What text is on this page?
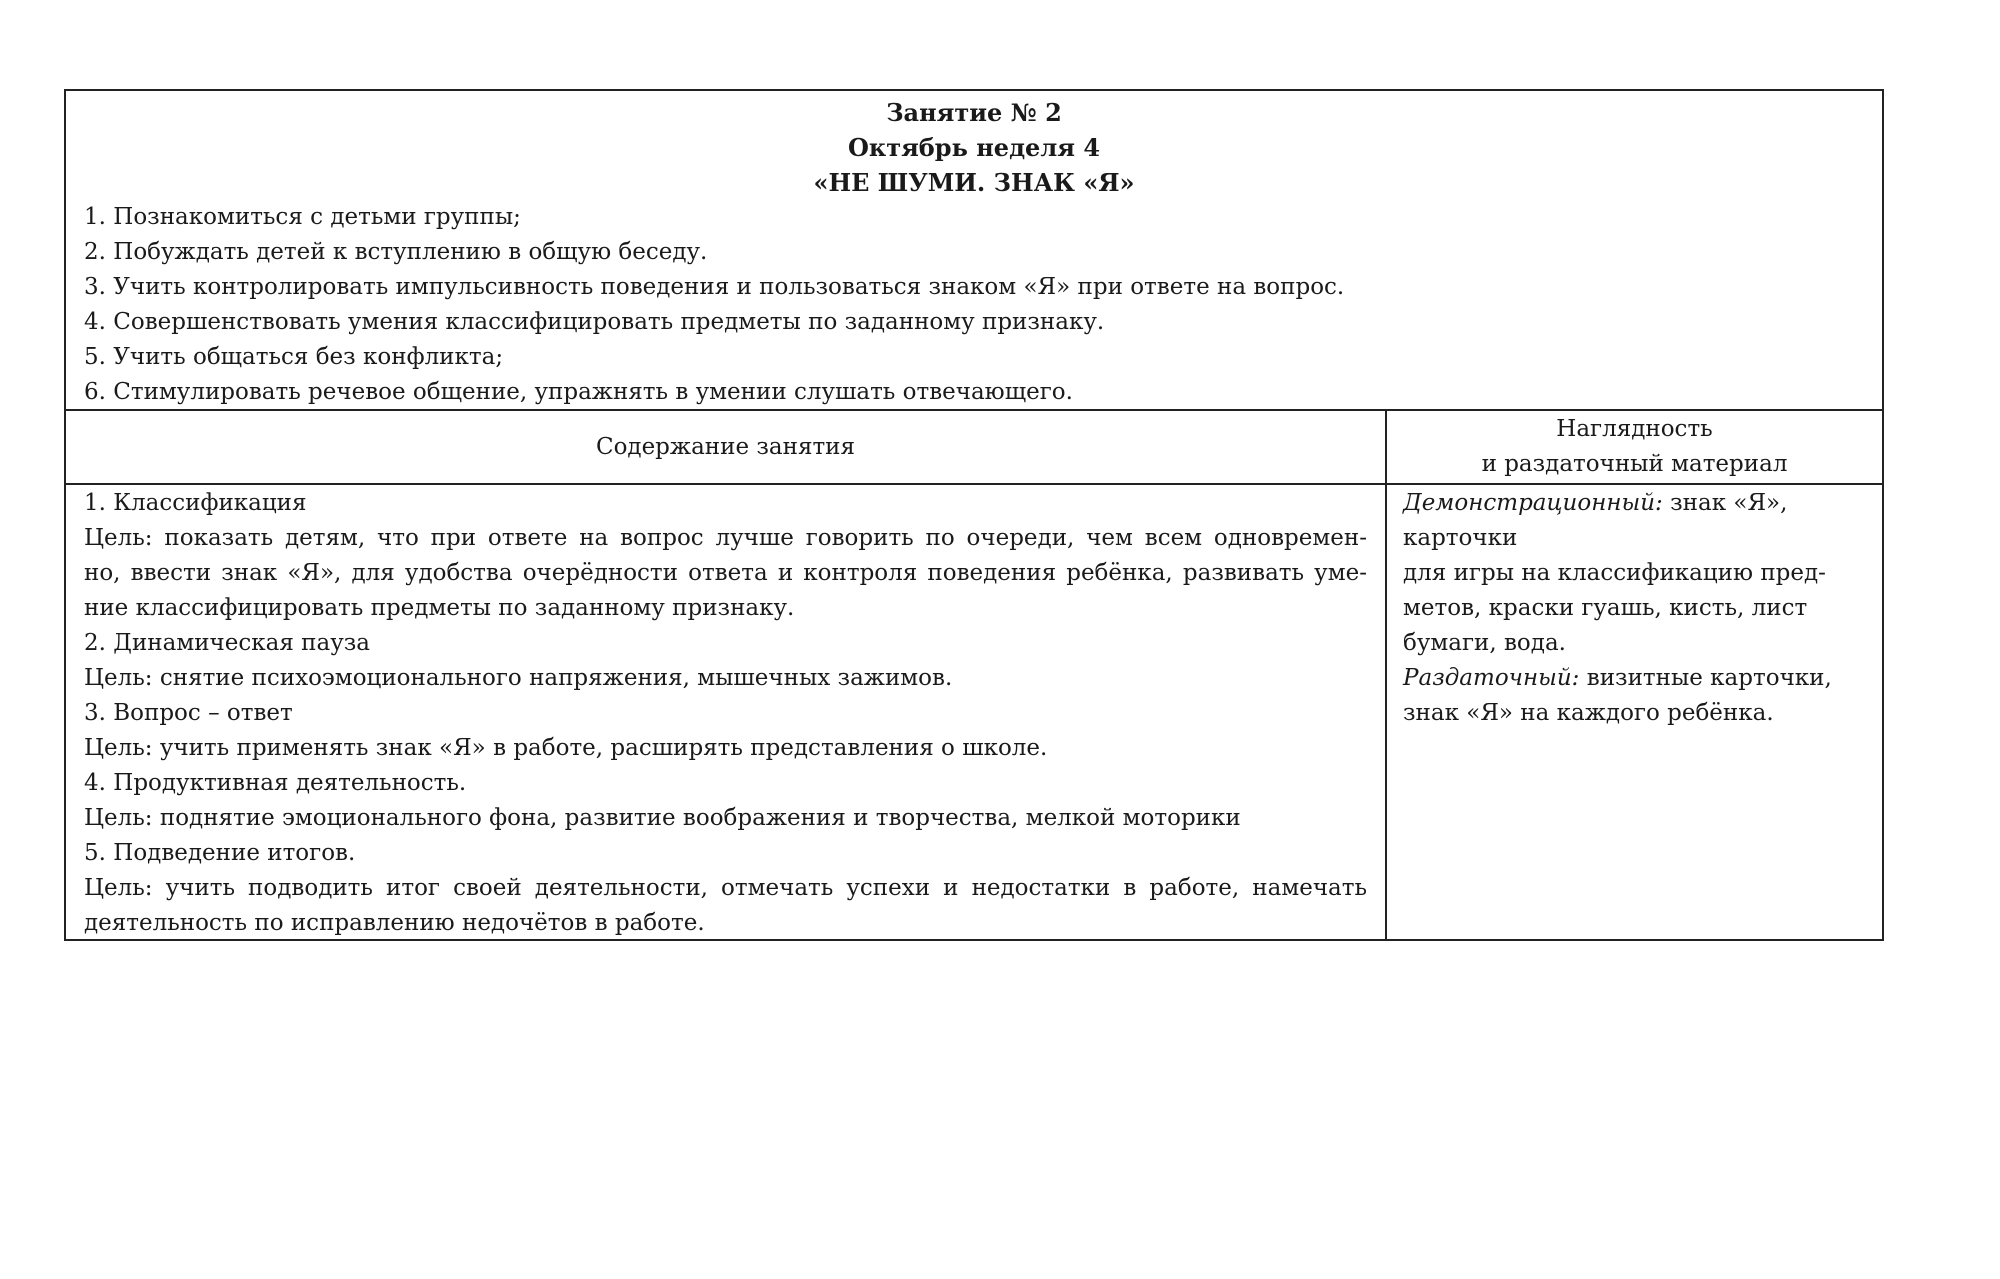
Занятие № 2
Октябрь неделя 4
«НЕ ШУМИ. ЗНАК «Я»
1. Познакомиться с детьми группы;
2. Побуждать детей к вступлению в общую беседу.
3. Учить контролировать импульсивность поведения и пользоваться знаком «Я» при ответе на вопрос.
4. Совершенствовать умения классифицировать предметы по заданному признаку.
5. Учить общаться без конфликта;
6. Стимулировать речевое общение, упражнять в умении слушать отвечающего.
Содержание занятия
Наглядность
и раздаточный материал
1. Классификация
Цель: показать детям, что при ответе на вопрос лучше говорить по очереди, чем всем одновремен-
но, ввести знак «Я», для удобства очерёдности ответа и контроля поведения ребёнка, развивать уме-
ние классифицировать предметы по заданному признаку.
2. Динамическая пауза
Цель: снятие психоэмоционального напряжения, мышечных зажимов.
3. Вопрос – ответ
Цель: учить применять знак «Я» в работе, расширять представления о школе.
4. Продуктивная деятельность.
Цель: поднятие эмоционального фона, развитие воображения и творчества, мелкой моторики
5. Подведение итогов.
Цель: учить подводить итог своей деятельности, отмечать успехи и недостатки в работе, намечать
деятельность по исправлению недочётов в работе.
Демонстрационный: знак «Я», карточки
для игры на классификацию пред-
метов, краски гуашь, кисть, лист
бумаги, вода.
Раздаточный: визитные карточки,
знак «Я» на каждого ребёнка.
